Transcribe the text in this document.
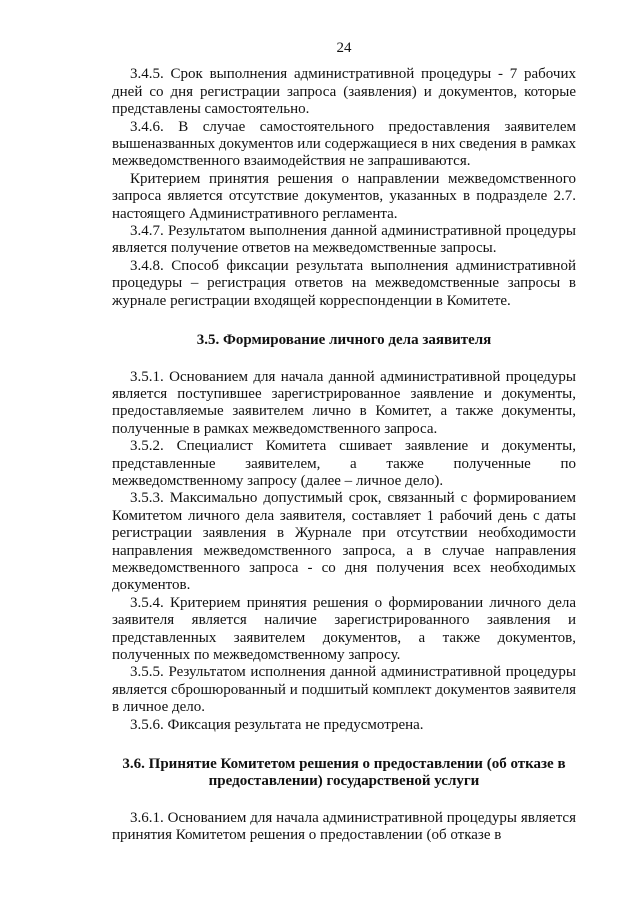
24

3.4.5. Срок выполнения административной процедуры - 7 рабочих дней со дня регистрации запроса (заявления) и документов, которые представлены самостоятельно.

3.4.6. В случае самостоятельного предоставления заявителем вышеназванных документов или содержащиеся в них сведения в рамках межведомственного взаимодействия не запрашиваются.

Критерием принятия решения о направлении межведомственного запроса является отсутствие документов, указанных в подразделе 2.7. настоящего Административного регламента.

3.4.7. Результатом выполнения данной административной процедуры является получение ответов на межведомственные запросы.

3.4.8. Способ фиксации результата выполнения административной процедуры – регистрация ответов на межведомственные запросы в журнале регистрации входящей корреспонденции в Комитете.

3.5. Формирование личного дела заявителя

3.5.1. Основанием для начала данной административной процедуры является поступившее зарегистрированное заявление и документы, предоставляемые заявителем лично в Комитет, а также документы, полученные в рамках межведомственного запроса.

3.5.2. Специалист Комитета сшивает заявление и документы, представленные заявителем, а также полученные по межведомственному запросу (далее – личное дело).

3.5.3. Максимально допустимый срок, связанный с формированием Комитетом личного дела заявителя, составляет 1 рабочий день с даты регистрации заявления в Журнале при отсутствии необходимости направления межведомственного запроса, а в случае направления межведомственного запроса - со дня получения всех необходимых документов.

3.5.4. Критерием принятия решения о формировании личного дела заявителя является наличие зарегистрированного заявления и представленных заявителем документов, а также документов, полученных по межведомственному запросу.

3.5.5. Результатом исполнения данной административной процедуры является сброшюрованный и подшитый комплект документов заявителя в личное дело.

3.5.6. Фиксация результата не предусмотрена.

3.6. Принятие Комитетом решения о предоставлении (об отказе в
предоставлении) государственой услуги

3.6.1. Основанием для начала административной процедуры является принятия Комитетом решения о предоставлении (об отказе в
